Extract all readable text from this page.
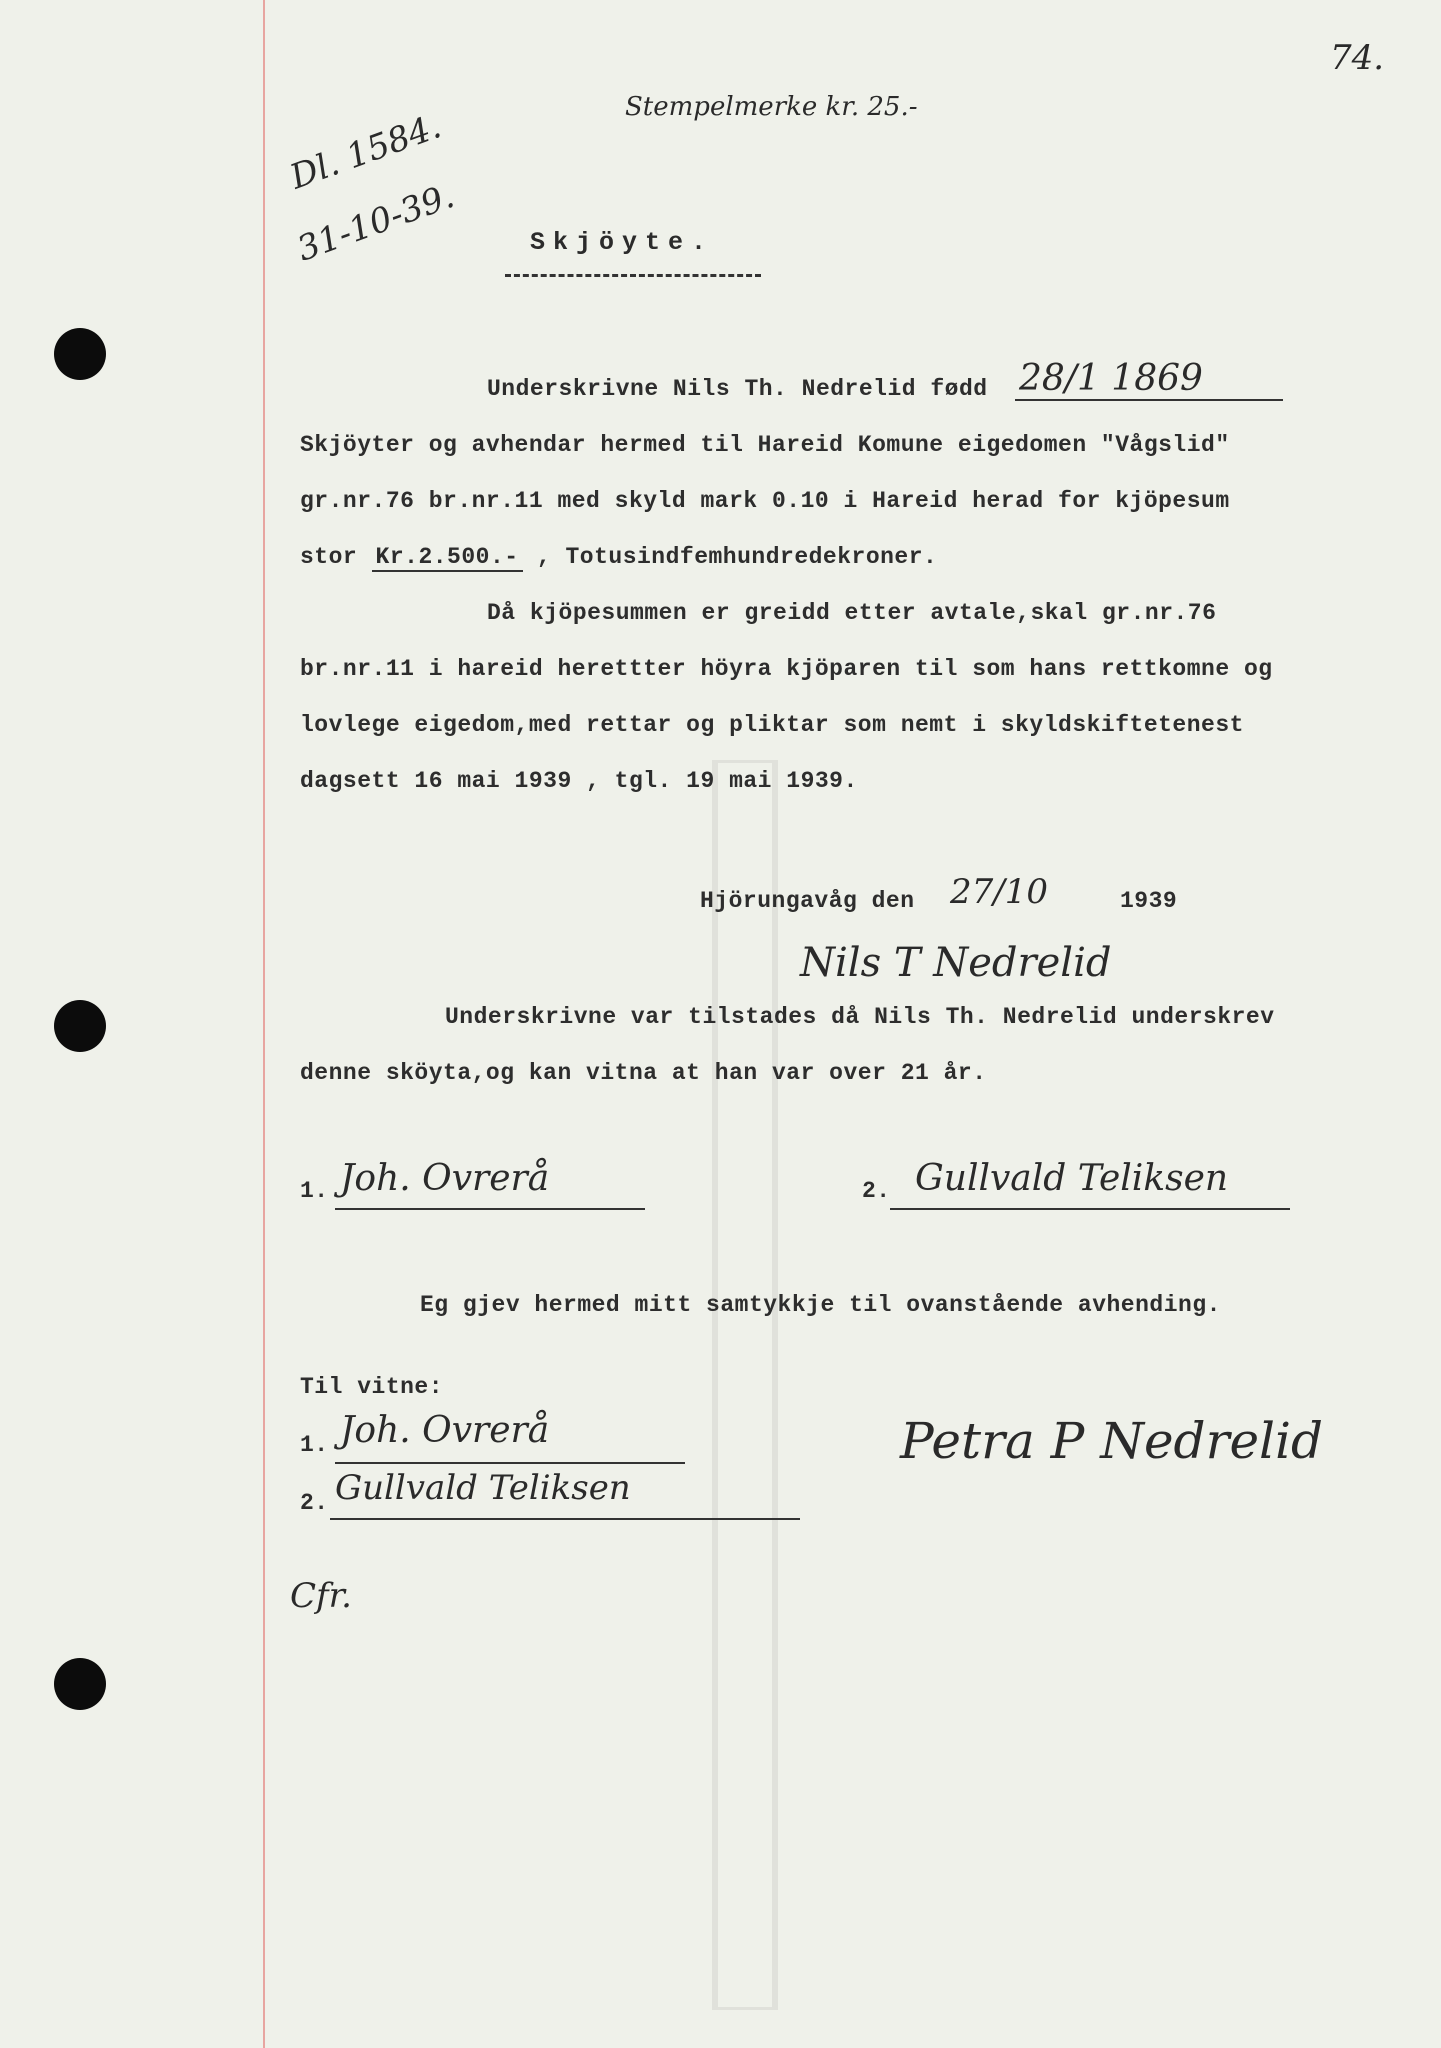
74.
Stempelmerke kr. 25.-
Dl. 1584.
31-10-39.	Skjöyte.
Underskrivne Nils Th. Nedrelid fødd 28/1 1869
Skjöyter og avhendar hermed til Hareid Komune eigedomen "Vågslid"
gr.nr.76 br.nr.11 med skyld mark 0.10 i Hareid herad for kjöpesum
stor Kr.2.500.- , Totusindfemhundredekroner.
Då kjöpesummen er greidd etter avtale,skal gr.nr.76
br.nr.11 i hareid herettter höyra kjöparen til som hans rettkomne og
lovlege eigedom,med rettar og pliktar som nemt i skyldskiftetenest
dagsett 16 mai 1939 , tgl. 19 mai 1939.
Hjörungavåg den 27/10	1939
Nils T Nedrelid
Underskrivne var tilstades då Nils Th. Nedrelid underskrev
denne sköyta,og kan vitna at han var over 21 år.
1. Joh. Ovrerå	2. Gullvald Teliksen
Eg gjev hermed mitt samtykkje til ovanstående avhending.
Til vitne:
1. Joh. Ovrerå
2. Gullvald Teliksen
Petra P Nedrelid
Cfr.
